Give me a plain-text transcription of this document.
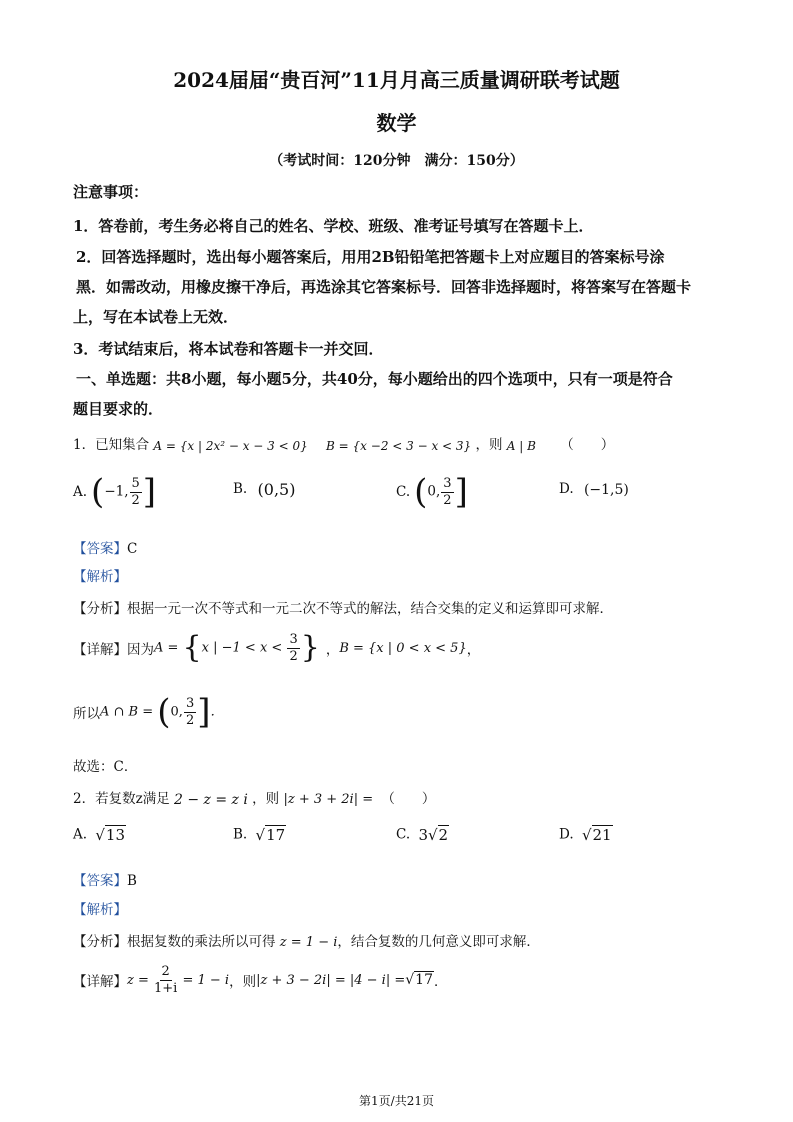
2024届届“贵百河”11月月高三质量调研联考试题
数学
（考试时间：120分钟　满分：150分）
注意事项：
1．答卷前，考生务必将自己的姓名、学校、班级、准考证号填写在答题卡上．
2．回答选择题时，选出每小题答案后，用用2B铅铅笔把答题卡上对应题目的答案标号涂
黑．如需改动，用橡皮擦干净后，再选涂其它答案标号．回答非选择题时，将答案写在答题卡
上，写在本试卷上无效．
3．考试结束后，将本试卷和答题卡一并交回．
一、单选题：共8小题，每小题5分，共40分，每小题给出的四个选项中，只有一项是符合
题目要求的．
1．已知集合 A = {x | 2x² − x − 3 < 0} B = {x −2 < 3 − x < 3} ，则 A | B （　　）
A. (−1, $\frac{5}{2}$ ]	B. (0,5)	C. (0, $\frac{3}{2}$ ]	D. (−1,5)
【答案】C
【解析】
【分析】根据一元一次不等式和一元二次不等式的解法，结合交集的定义和运算即可求解．
【详解】 因为 A = {x | $-1 < x < \frac{3}{2}$ } ， B = {x | 0 < x < 5} ，
所以 A ∩ B = (0, $\frac{3}{2}$ ]．
故选：C．
2．若复数z满足 2 − z = z i ，则 |z + 3 + 2i| = （　　）
A. √13	B. √17	C. 3√2	D. √21
【答案】B
【解析】
【分析】根据复数的乘法所以可得 z = 1 − i，结合复数的几何意义即可求解．
【详解】 $z = \frac{2}{1+i} = 1 - i$ ，则 |z + 3 − 2i| = |4 − i| = √17 ．
第1页/共21页
